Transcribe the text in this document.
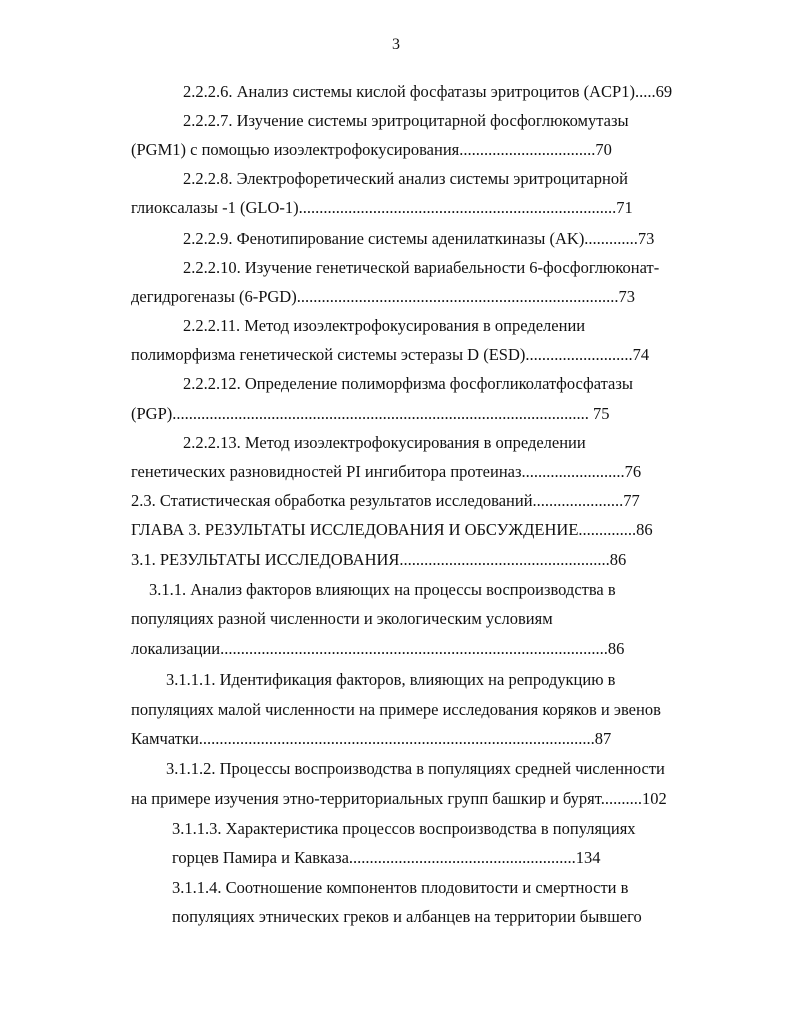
3
2.2.2.6. Анализ системы кислой фосфатазы эритроцитов (ACP1).....69
2.2.2.7. Изучение системы эритроцитарной фосфоглюкомутазы
(PGM1) с помощью изоэлектрофокусирования.................................70
2.2.2.8. Электрофоретический анализ системы эритроцитарной
глиоксалазы -1 (GLO-1).............................................................................71
2.2.2.9. Фенотипирование системы аденилаткиназы (AK).............73
2.2.2.10. Изучение генетической вариабельности 6-фосфоглюконат-
дегидрогеназы (6-PGD)..............................................................................73
2.2.2.11. Метод изоэлектрофокусирования в определении
полиморфизма генетической системы эстеразы D (ESD)..........................74
2.2.2.12. Определение полиморфизма фосфогликолатфосфатазы
(PGP)..................................................................................................... 75
2.2.2.13. Метод изоэлектрофокусирования в определении
генетических разновидностей PI ингибитора протеиназ.........................76
2.3. Статистическая обработка результатов исследований......................77
ГЛАВА 3. РЕЗУЛЬТАТЫ ИССЛЕДОВАНИЯ И ОБСУЖДЕНИЕ..............86
3.1. РЕЗУЛЬТАТЫ ИССЛЕДОВАНИЯ...................................................86
3.1.1. Анализ факторов влияющих на процессы воспроизводства в
популяциях разной численности и экологическим условиям
локализации..............................................................................................86
3.1.1.1. Идентификация факторов, влияющих на репродукцию в
популяциях малой численности на примере исследования коряков и эвенов
Камчатки................................................................................................87
3.1.1.2. Процессы воспроизводства в популяциях средней численности
на примере изучения этно-территориальных групп башкир и бурят..........102
3.1.1.3. Характеристика процессов воспроизводства в популяциях
горцев Памира и Кавказа.......................................................134
3.1.1.4. Соотношение компонентов плодовитости и смертности в
популяциях этнических греков и албанцев на территории бывшего
